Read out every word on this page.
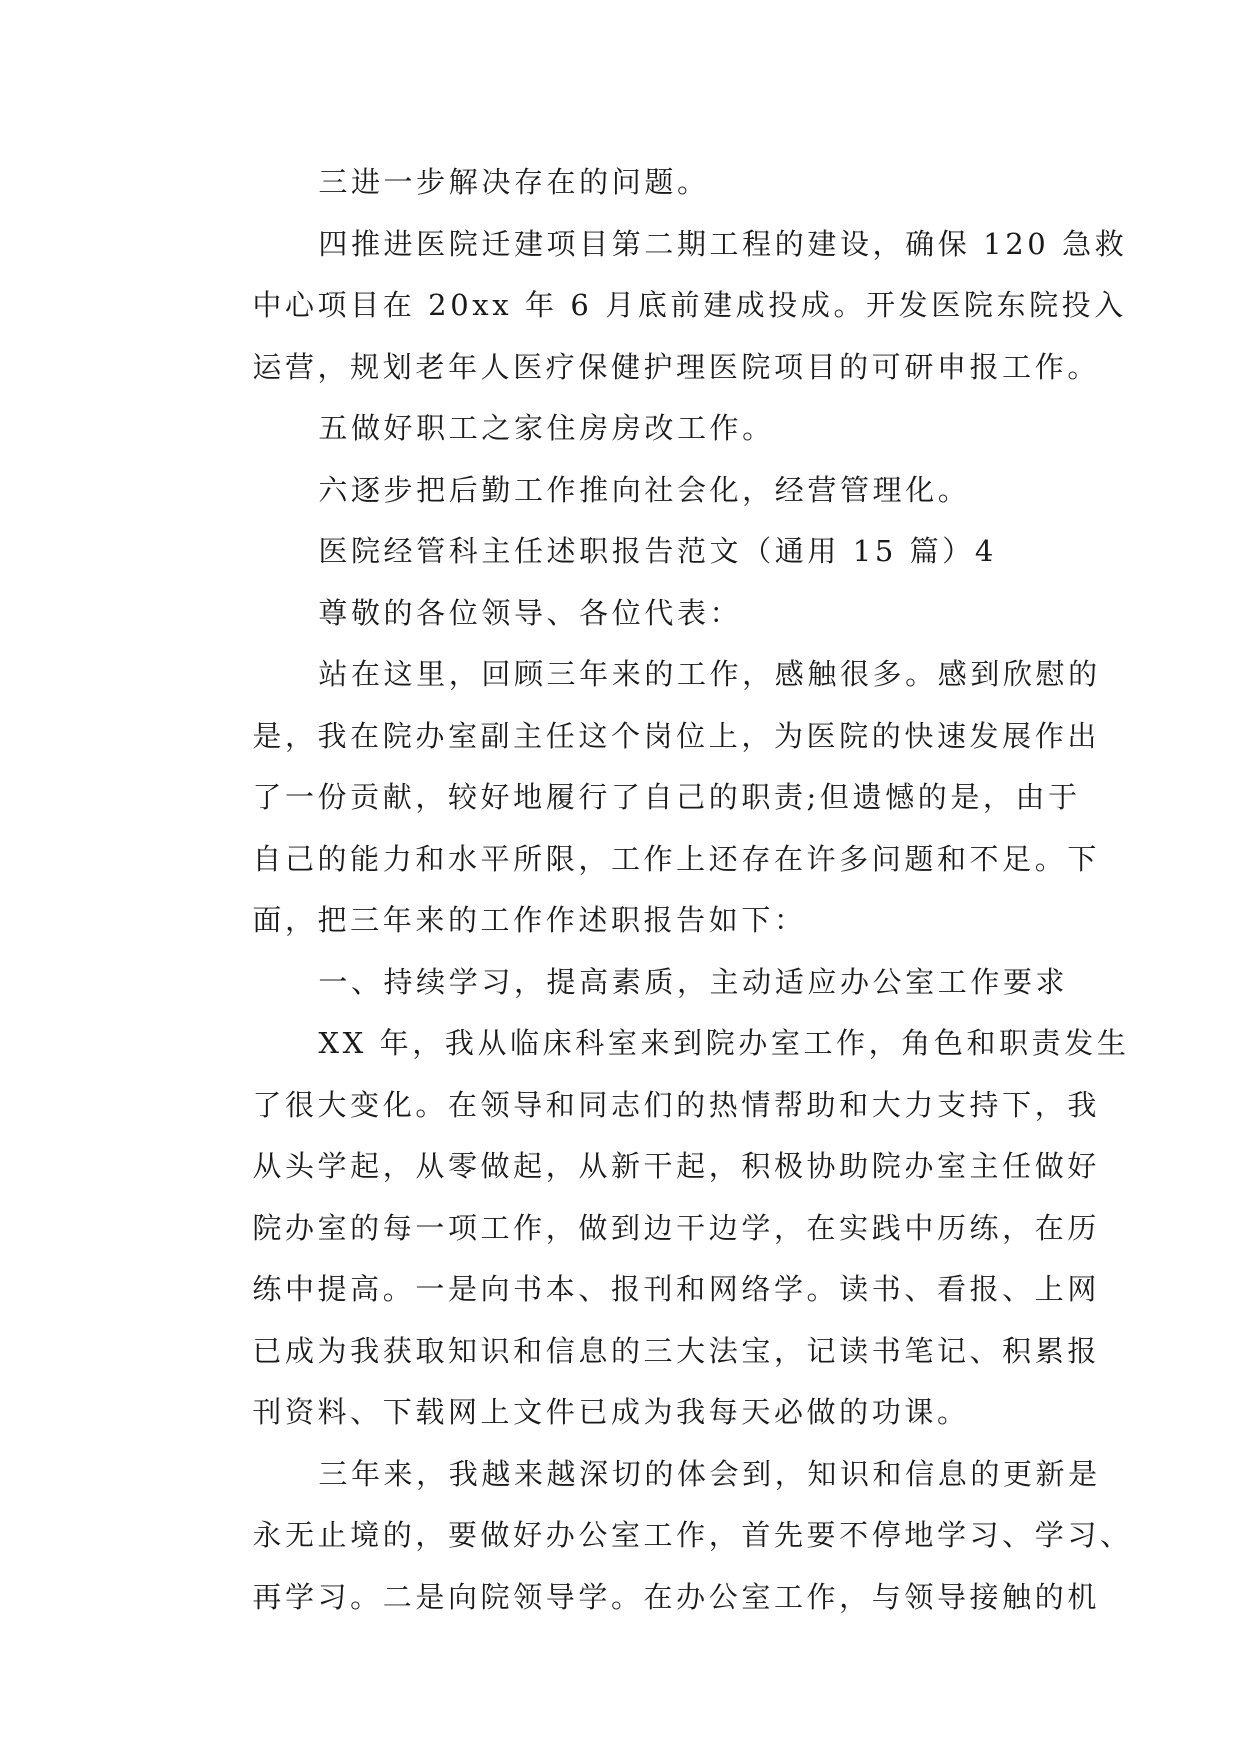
三进一步解决存在的问题。
四推进医院迁建项目第二期工程的建设，确保 120 急救
中心项目在 20xx 年 6 月底前建成投成。开发医院东院投入
运营，规划老年人医疗保健护理医院项目的可研申报工作。
五做好职工之家住房房改工作。
六逐步把后勤工作推向社会化，经营管理化。
医院经管科主任述职报告范文（通用 15 篇）4
尊敬的各位领导、各位代表：
站在这里，回顾三年来的工作，感触很多。感到欣慰的
是，我在院办室副主任这个岗位上，为医院的快速发展作出
了一份贡献，较好地履行了自己的职责;但遗憾的是，由于
自己的能力和水平所限，工作上还存在许多问题和不足。下
面，把三年来的工作作述职报告如下：
一、持续学习，提高素质，主动适应办公室工作要求
XX 年，我从临床科室来到院办室工作，角色和职责发生
了很大变化。在领导和同志们的热情帮助和大力支持下，我
从头学起，从零做起，从新干起，积极协助院办室主任做好
院办室的每一项工作，做到边干边学，在实践中历练，在历
练中提高。一是向书本、报刊和网络学。读书、看报、上网
已成为我获取知识和信息的三大法宝，记读书笔记、积累报
刊资料、下载网上文件已成为我每天必做的功课。
三年来，我越来越深切的体会到，知识和信息的更新是
永无止境的，要做好办公室工作，首先要不停地学习、学习、
再学习。二是向院领导学。在办公室工作，与领导接触的机
